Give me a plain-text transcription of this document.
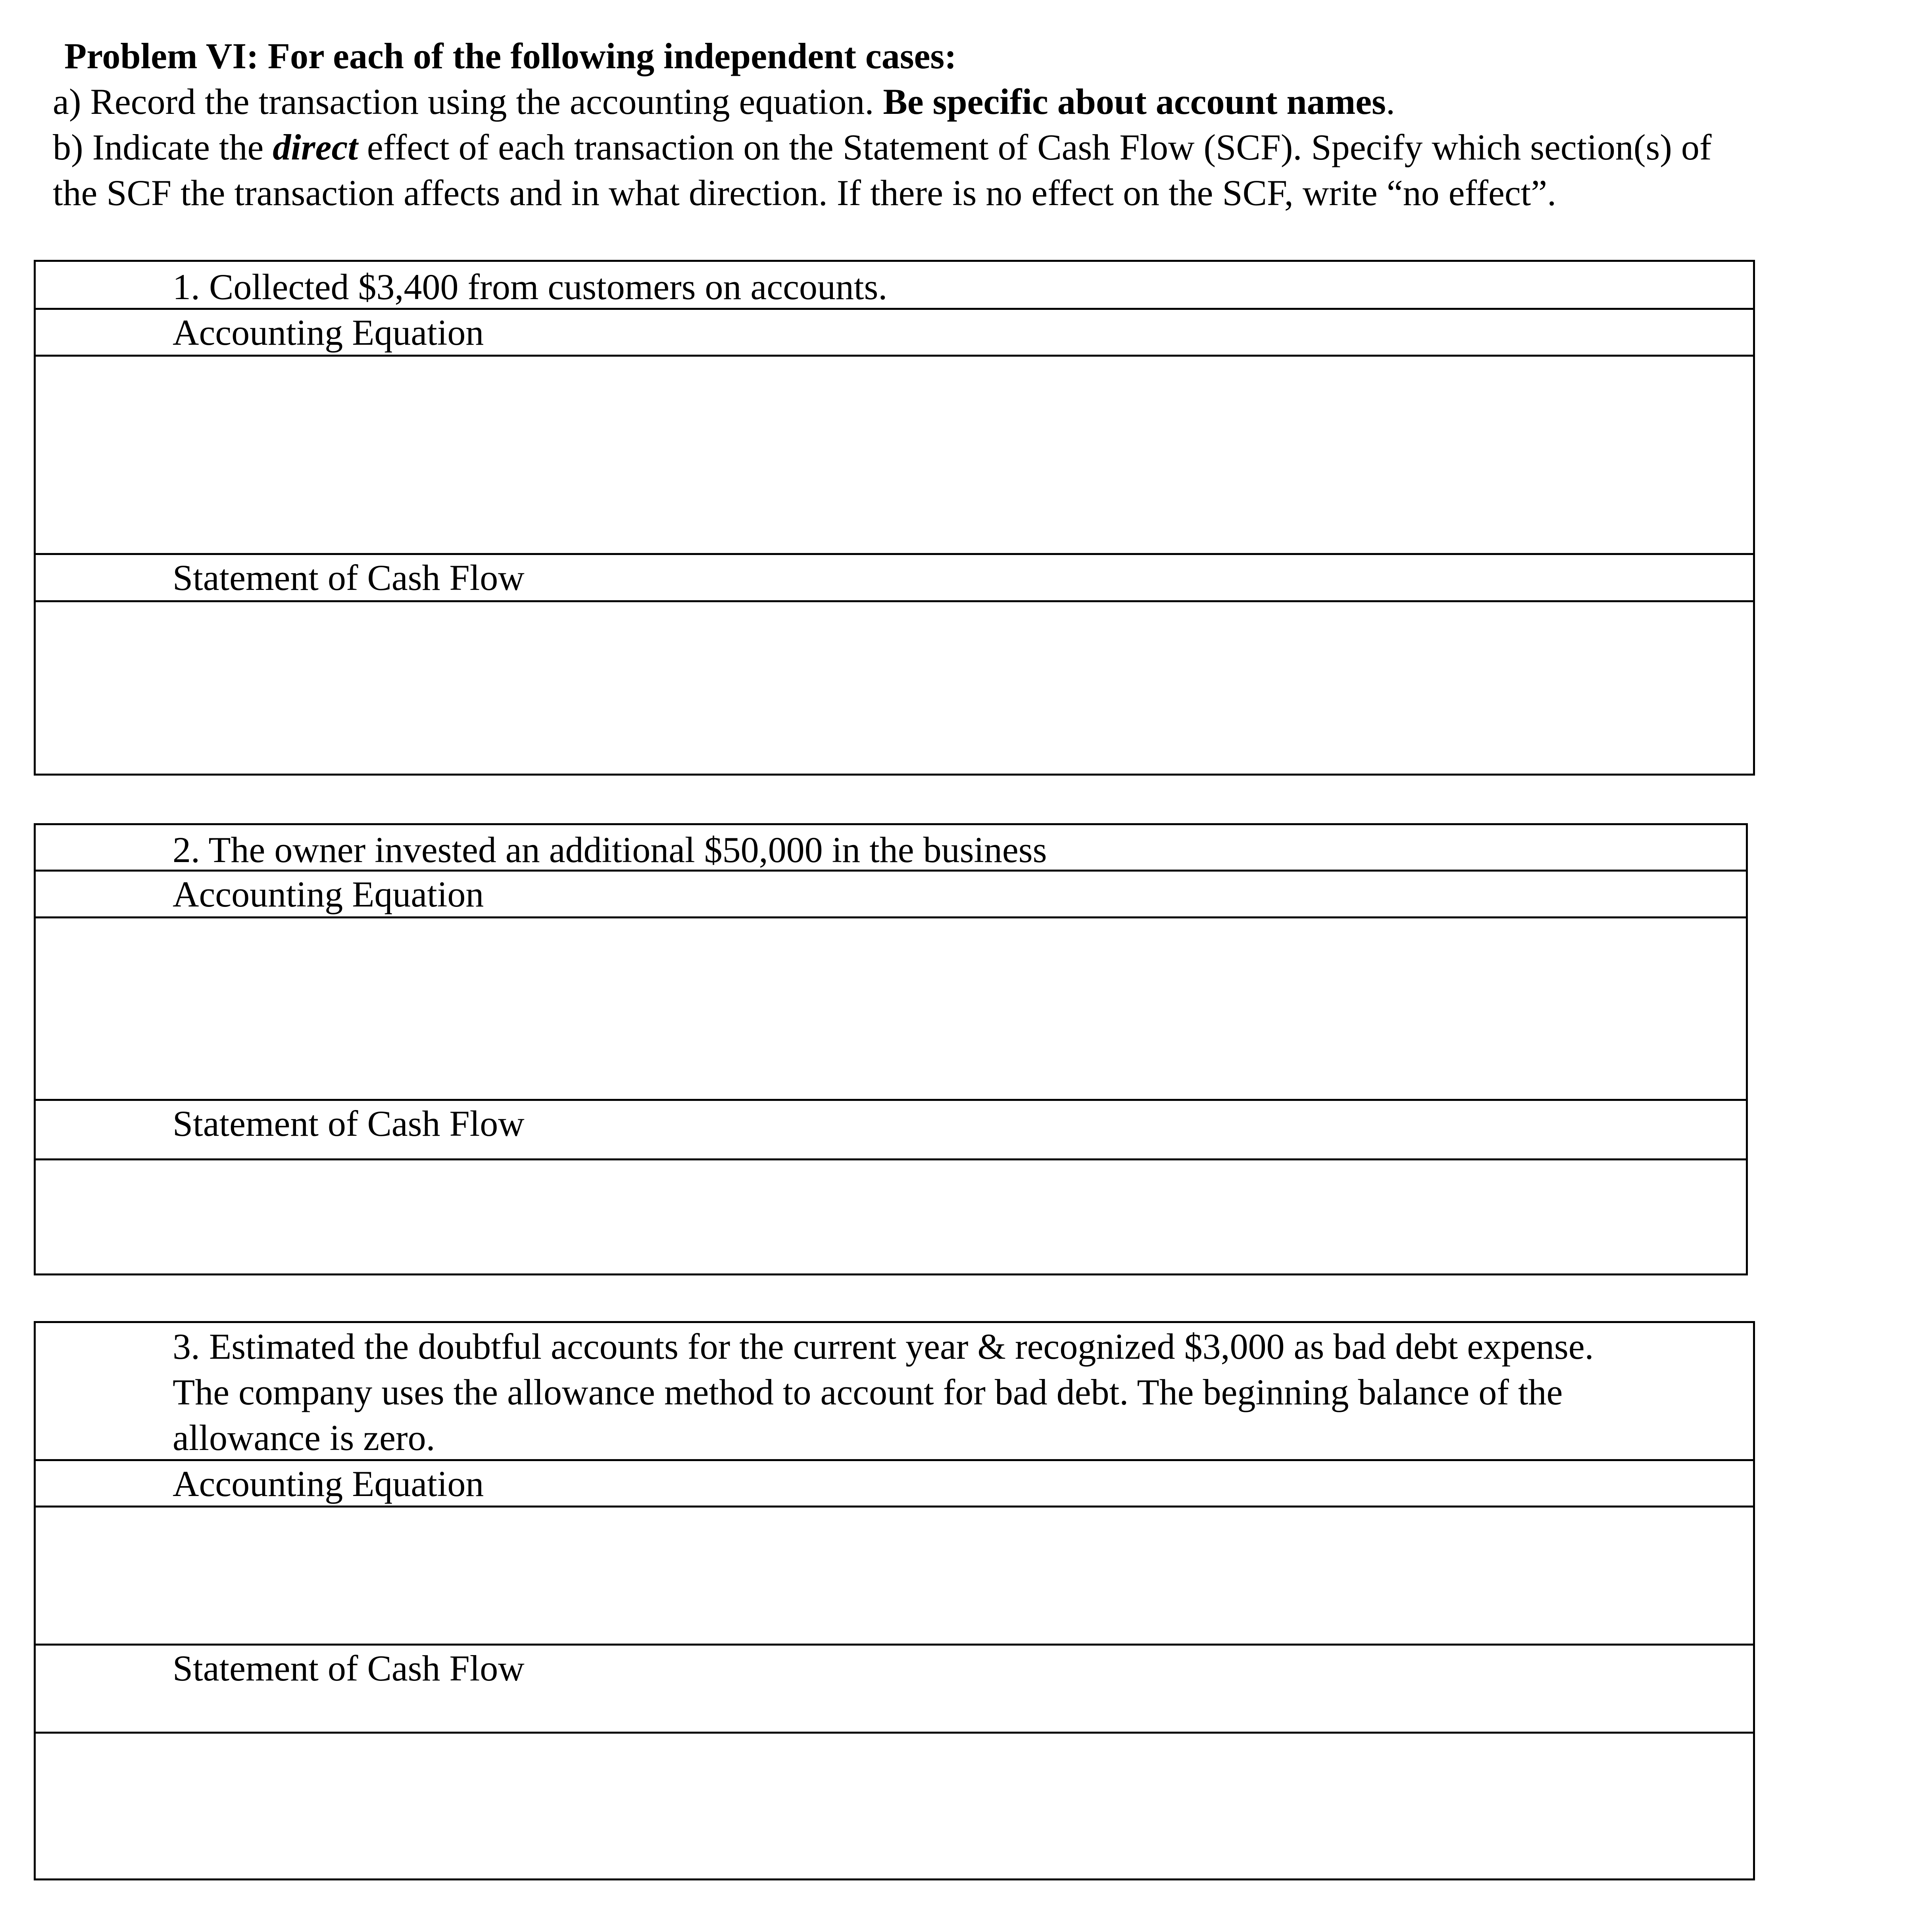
Problem VI: For each of the following independent cases:
a) Record the transaction using the accounting equation. Be specific about account names.
b) Indicate the direct effect of each transaction on the Statement of Cash Flow (SCF). Specify which section(s) of
the SCF the transaction affects and in what direction. If there is no effect on the SCF, write “no effect”.
1. Collected $3,400 from customers on accounts.
Accounting Equation
Statement of Cash Flow
2. The owner invested an additional $50,000 in the business
Accounting Equation
Statement of Cash Flow
3. Estimated the doubtful accounts for the current year & recognized $3,000 as bad debt expense.
The company uses the allowance method to account for bad debt. The beginning balance of the
allowance is zero.
Accounting Equation
Statement of Cash Flow
